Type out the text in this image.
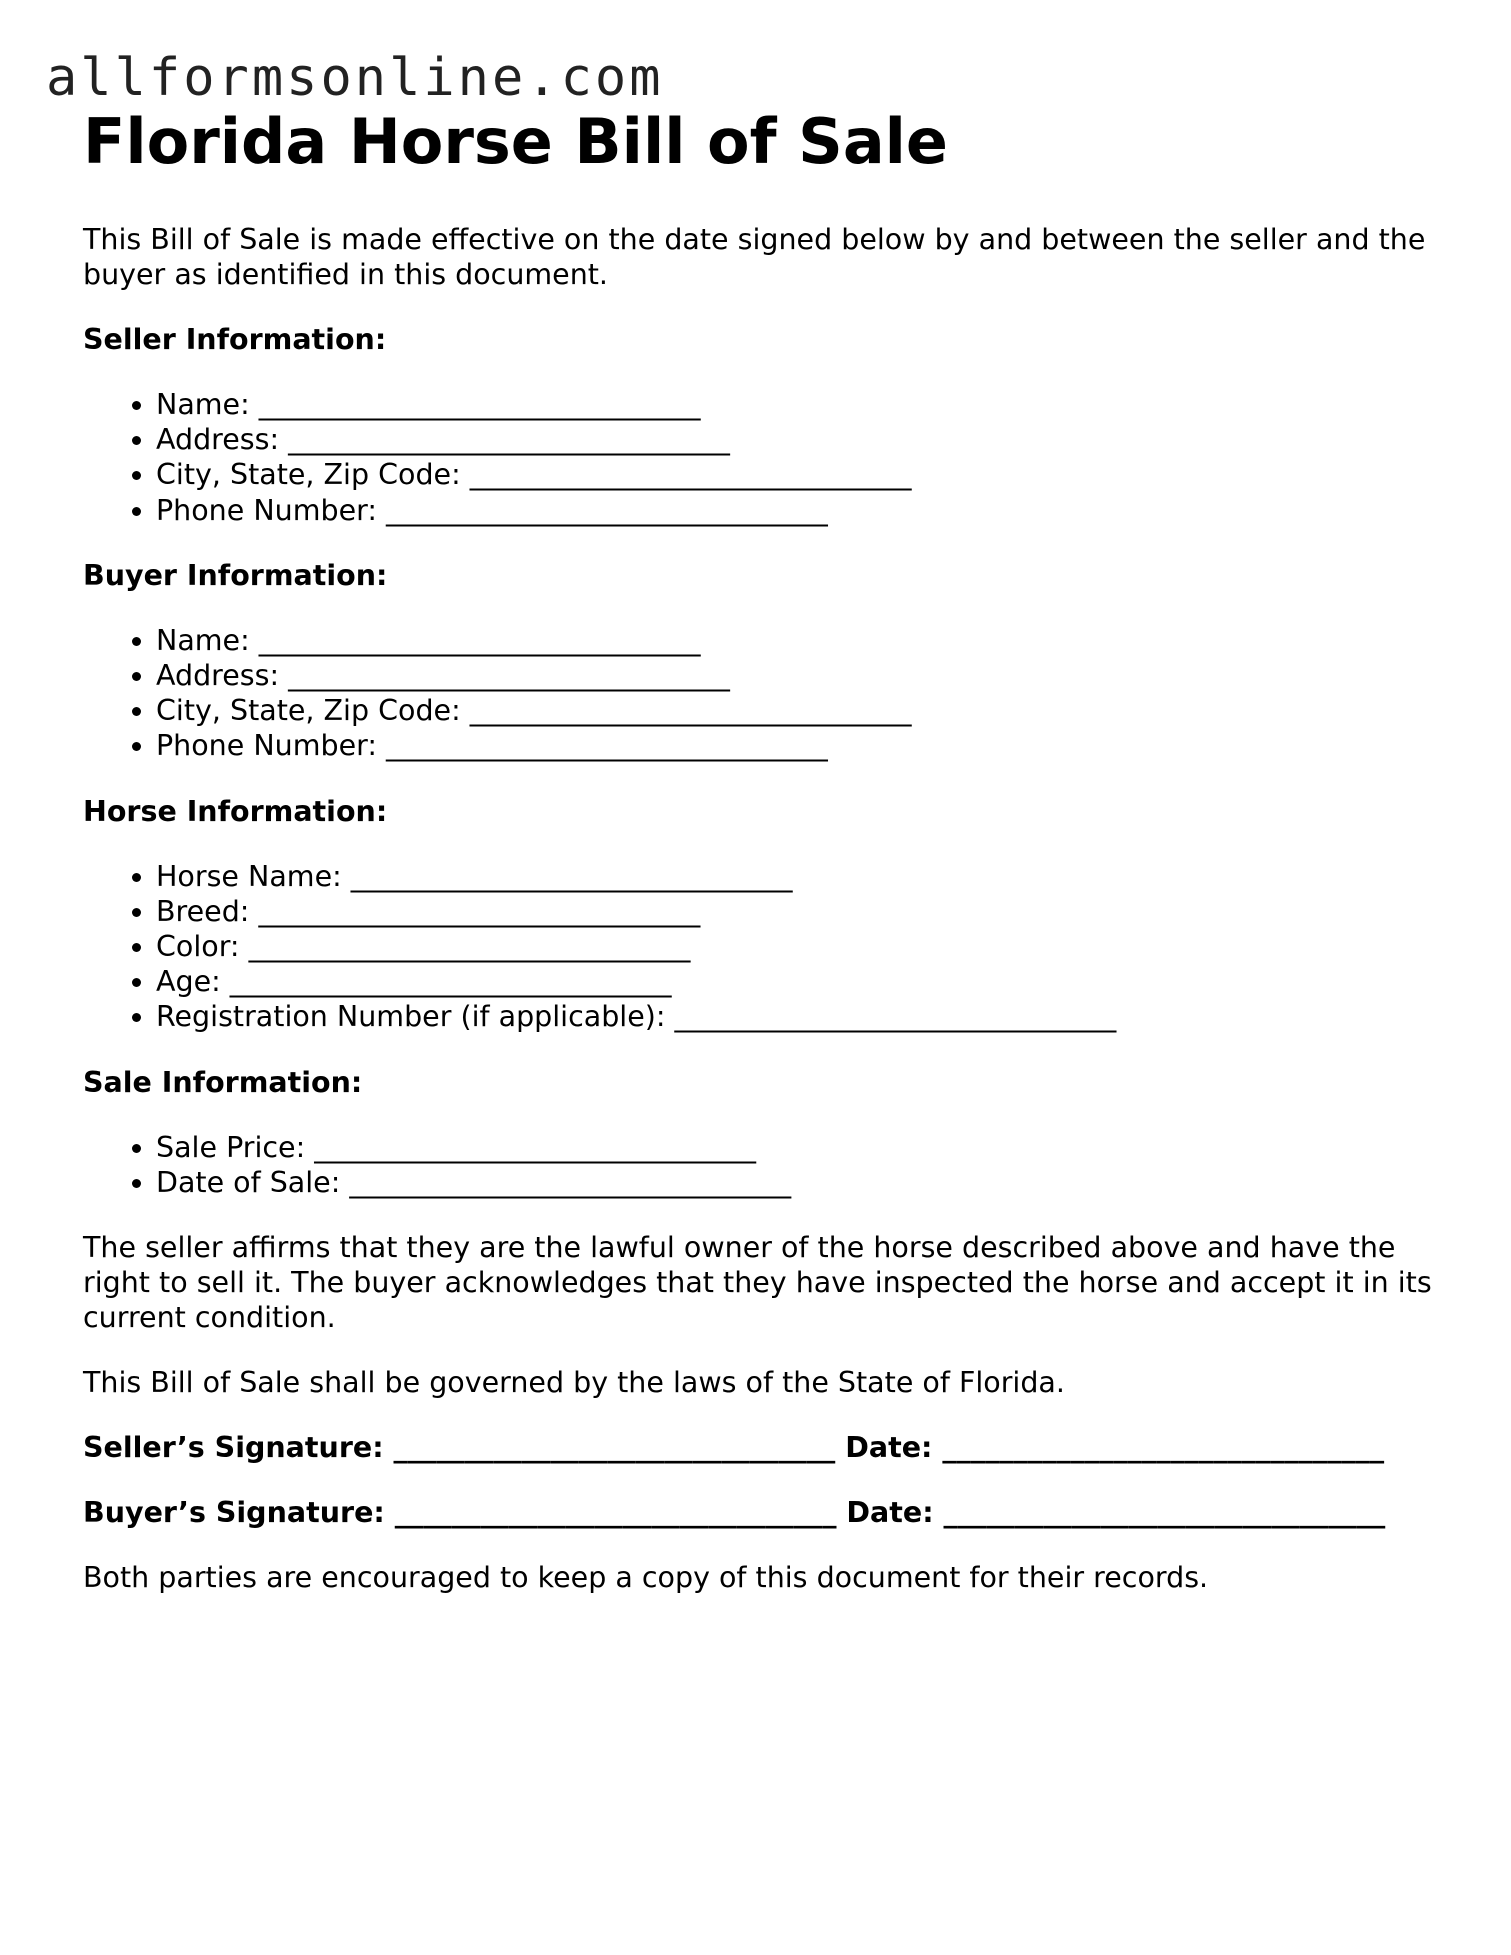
allformsonline.com
Florida Horse Bill of Sale

This Bill of Sale is made effective on the date signed below by and between the seller and the buyer as identified in this document.

Seller Information:
• Name: _______________________________
• Address: _______________________________
• City, State, Zip Code: _______________________________
• Phone Number: _______________________________
Buyer Information:
• Name: _______________________________
• Address: _______________________________
• City, State, Zip Code: _______________________________
• Phone Number: _______________________________
Horse Information:
• Horse Name: _______________________________
• Breed: _______________________________
• Color: _______________________________
• Age: _______________________________
• Registration Number (if applicable): _______________________________
Sale Information:
• Sale Price: _______________________________
• Date of Sale: _______________________________

The seller affirms that they are the lawful owner of the horse described above and have the right to sell it. The buyer acknowledges that they have inspected the horse and accept it in its current condition.

This Bill of Sale shall be governed by the laws of the State of Florida.

Seller’s Signature: _______________________________ Date: _______________________________

Buyer’s Signature: _______________________________ Date: _______________________________

Both parties are encouraged to keep a copy of this document for their records.
